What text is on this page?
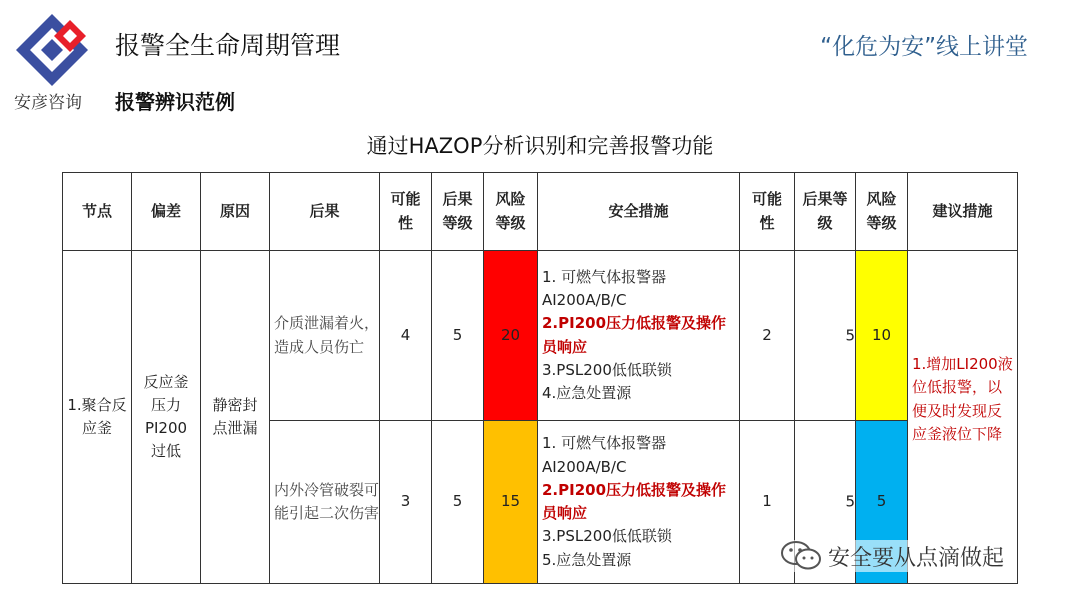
安彦咨询
报警全生命周期管理
报警辨识范例
“化危为安”线上讲堂
通过HAZOP分析识别和完善报警功能
节点	偏差	原因	后果	可能性	后果等级	风险等级	安全措施	可能性	后果等级	风险等级	建议措施
1.聚合反应釜	反应釜压力PI200过低	静密封点泄漏	介质泄漏着火，造成人员伤亡	4	5	20	1. 可燃气体报警器AI200A/B/C
2.PI200压力低报警及操作员响应
3.PSL200低低联锁
4.应急处置源	2	5	10	1.增加LI200液位低报警，以便及时发现反应釜液位下降
			内外冷管破裂可能引起二次伤害	3	5	15	1. 可燃气体报警器AI200A/B/C
2.PI200压力低报警及操作员响应
3.PSL200低低联锁
5.应急处置源	1	5	5	
安全要从点滴做起
